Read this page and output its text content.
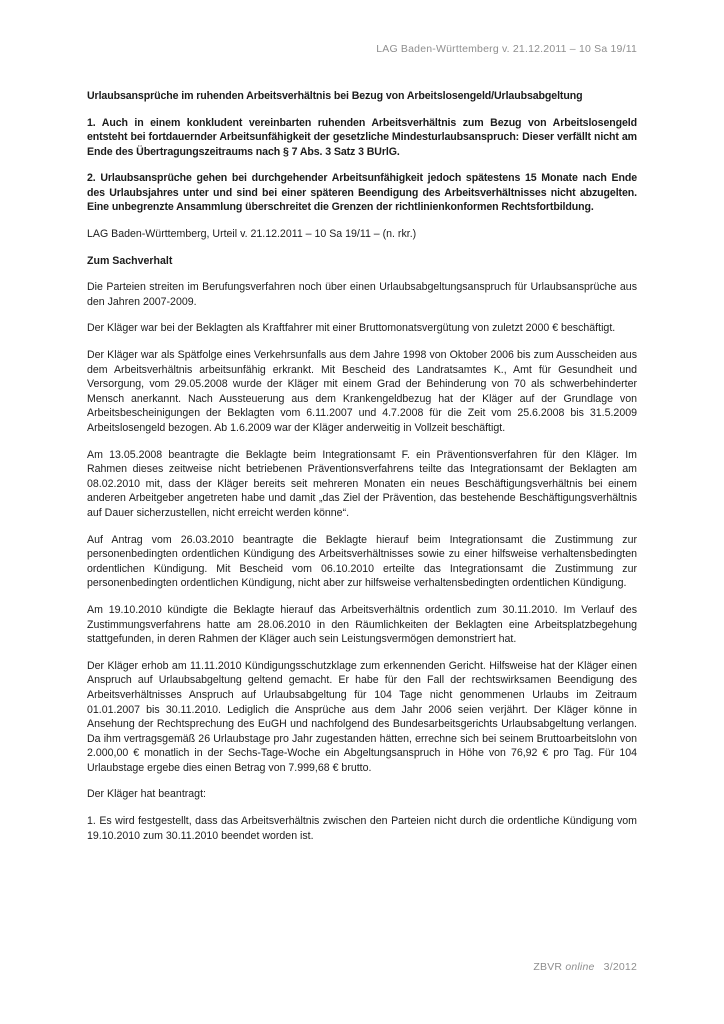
LAG Baden-Württemberg v. 21.12.2011 – 10 Sa 19/11
Urlaubsansprüche im ruhenden Arbeitsverhältnis bei Bezug von Arbeitslosengeld/Urlaubsabgeltung
1. Auch in einem konkludent vereinbarten ruhenden Arbeitsverhältnis zum Bezug von Arbeitslosengeld entsteht bei fortdauernder Arbeitsunfähigkeit der gesetzliche Mindesturlaubsanspruch: Dieser verfällt nicht am Ende des Übertragungszeitraums nach § 7 Abs. 3 Satz 3 BUrlG.
2. Urlaubsansprüche gehen bei durchgehender Arbeitsunfähigkeit jedoch spätestens 15 Monate nach Ende des Urlaubsjahres unter und sind bei einer späteren Beendigung des Arbeitsverhältnisses nicht abzugelten. Eine unbegrenzte Ansammlung überschreitet die Grenzen der richtlinienkonformen Rechtsfortbildung.
LAG Baden-Württemberg, Urteil v. 21.12.2011 – 10 Sa 19/11 – (n. rkr.)
Zum Sachverhalt
Die Parteien streiten im Berufungsverfahren noch über einen Urlaubsabgeltungsanspruch für Urlaubsansprüche aus den Jahren 2007-2009.
Der Kläger war bei der Beklagten als Kraftfahrer mit einer Bruttomonatsvergütung von zuletzt 2000 € beschäftigt.
Der Kläger war als Spätfolge eines Verkehrsunfalls aus dem Jahre 1998 von Oktober 2006 bis zum Ausscheiden aus dem Arbeitsverhältnis arbeitsunfähig erkrankt. Mit Bescheid des Landratsamtes K., Amt für Gesundheit und Versorgung, vom 29.05.2008 wurde der Kläger mit einem Grad der Behinderung von 70 als schwerbehinderter Mensch anerkannt. Nach Aussteuerung aus dem Krankengeldbezug hat der Kläger auf der Grundlage von Arbeitsbescheinigungen der Beklagten vom 6.11.2007 und 4.7.2008 für die Zeit vom 25.6.2008 bis 31.5.2009 Arbeitslosengeld bezogen. Ab 1.6.2009 war der Kläger anderweitig in Vollzeit beschäftigt.
Am 13.05.2008 beantragte die Beklagte beim Integrationsamt F. ein Präventionsverfahren für den Kläger. Im Rahmen dieses zeitweise nicht betriebenen Präventionsverfahrens teilte das Integrationsamt der Beklagten am 08.02.2010 mit, dass der Kläger bereits seit mehreren Monaten ein neues Beschäftigungsverhältnis bei einem anderen Arbeitgeber angetreten habe und damit „das Ziel der Prävention, das bestehende Beschäftigungsverhältnis auf Dauer sicherzustellen, nicht erreicht werden könne“.
Auf Antrag vom 26.03.2010 beantragte die Beklagte hierauf beim Integrationsamt die Zustimmung zur personenbedingten ordentlichen Kündigung des Arbeitsverhältnisses sowie zu einer hilfsweise verhaltensbedingten ordentlichen Kündigung. Mit Bescheid vom 06.10.2010 erteilte das Integrationsamt die Zustimmung zur personenbedingten ordentlichen Kündigung, nicht aber zur hilfsweise verhaltensbedingten ordentlichen Kündigung.
Am 19.10.2010 kündigte die Beklagte hierauf das Arbeitsverhältnis ordentlich zum 30.11.2010. Im Verlauf des Zustimmungsverfahrens hatte am 28.06.2010 in den Räumlichkeiten der Beklagten eine Arbeitsplatzbegehung stattgefunden, in deren Rahmen der Kläger auch sein Leistungsvermögen demonstriert hat.
Der Kläger erhob am 11.11.2010 Kündigungsschutzklage zum erkennenden Gericht. Hilfsweise hat der Kläger einen Anspruch auf Urlaubsabgeltung geltend gemacht. Er habe für den Fall der rechtswirksamen Beendigung des Arbeitsverhältnisses Anspruch auf Urlaubsabgeltung für 104 Tage nicht genommenen Urlaubs im Zeitraum 01.01.2007 bis 30.11.2010. Lediglich die Ansprüche aus dem Jahr 2006 seien verjährt. Der Kläger könne in Ansehung der Rechtsprechung des EuGH und nachfolgend des Bundesarbeitsgerichts Urlaubsabgeltung verlangen. Da ihm vertragsgemäß 26 Urlaubstage pro Jahr zugestanden hätten, errechne sich bei seinem Bruttoarbeitslohn von 2.000,00 € monatlich in der Sechs-Tage-Woche ein Abgeltungsanspruch in Höhe von 76,92 € pro Tag. Für 104 Urlaubstage ergebe dies einen Betrag von 7.999,68 € brutto.
Der Kläger hat beantragt:
1. Es wird festgestellt, dass das Arbeitsverhältnis zwischen den Parteien nicht durch die ordentliche Kündigung vom 19.10.2010 zum 30.11.2010 beendet worden ist.
ZBVR online 3/2012
